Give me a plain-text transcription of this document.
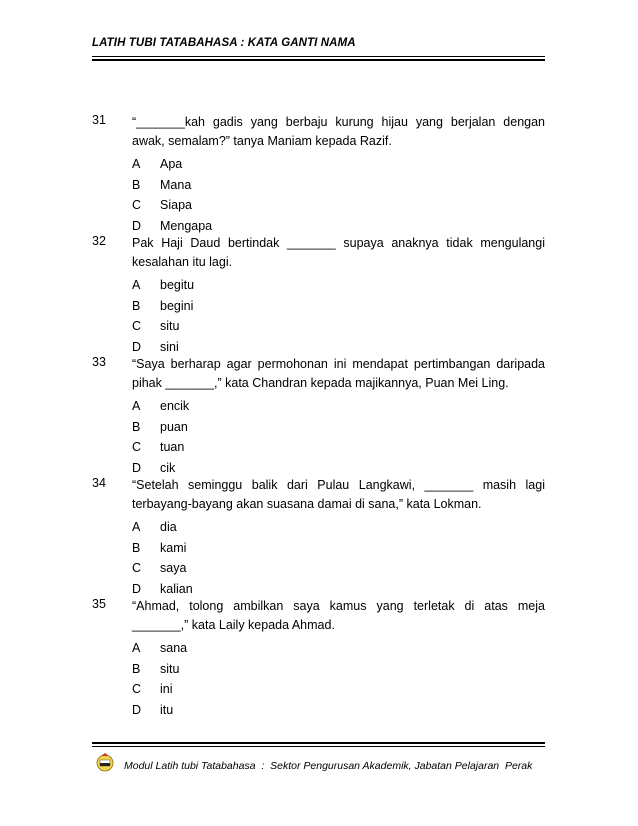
LATIH TUBI TATABAHASA : KATA GANTI NAMA
31 “_______kah gadis yang berbaju kurung hijau yang berjalan dengan awak, semalam?” tanya Maniam kepada Razif.
A Apa
B Mana
C Siapa
D Mengapa
32 Pak Haji Daud bertindak _______ supaya anaknya tidak mengulangi kesalahan itu lagi.
A begitu
B begini
C situ
D sini
33 “Saya berharap agar permohonan ini mendapat pertimbangan daripada pihak _______,” kata Chandran kepada majikannya, Puan Mei Ling.
A encik
B puan
C tuan
D cik
34 “Setelah seminggu balik dari Pulau Langkawi, _______ masih lagi terbayang-bayang akan suasana damai di sana,” kata Lokman.
A dia
B kami
C saya
D kalian
35 “Ahmad, tolong ambilkan saya kamus yang terletak di atas meja _______,” kata Laily kepada Ahmad.
A sana
B situ
C ini
D itu
Modul Latih tubi Tatabahasa  :  Sektor Pengurusan Akademik, Jabatan Pelajaran  Perak
